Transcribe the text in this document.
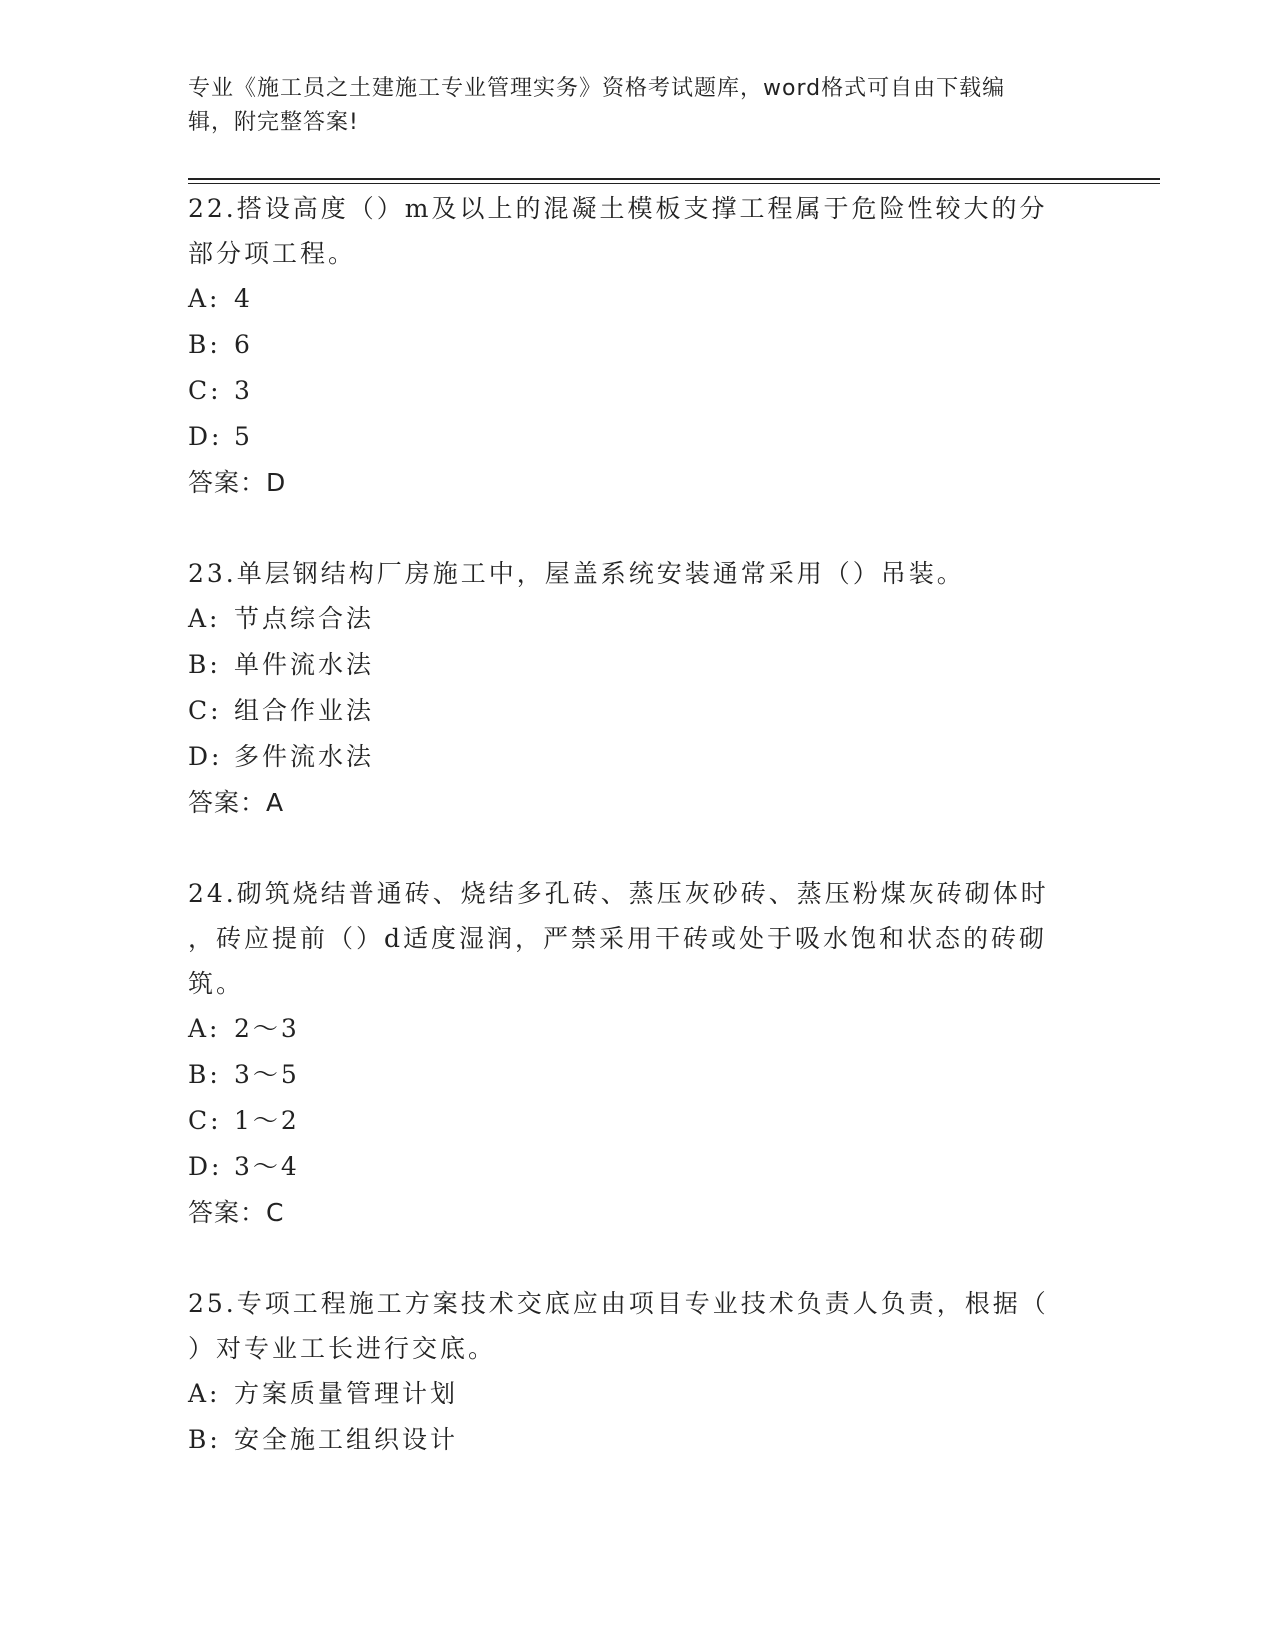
专业《施工员之土建施工专业管理实务》资格考试题库，word格式可自由下载编
辑，附完整答案!

22.搭设高度（）m及以上的混凝土模板支撑工程属于危险性较大的分

部分项工程。

A: 4

B: 6

C: 3

D: 5

答案：D

23.单层钢结构厂房施工中，屋盖系统安装通常采用（）吊装。

A: 节点综合法

B: 单件流水法

C: 组合作业法

D: 多件流水法

答案：A

24.砌筑烧结普通砖、烧结多孔砖、蒸压灰砂砖、蒸压粉煤灰砖砌体时

，砖应提前（）d适度湿润，严禁采用干砖或处于吸水饱和状态的砖砌

筑。

A: 2～3

B: 3～5

C: 1～2

D: 3～4

答案：C

25.专项工程施工方案技术交底应由项目专业技术负责人负责，根据（

）对专业工长进行交底。

A: 方案质量管理计划

B: 安全施工组织设计
